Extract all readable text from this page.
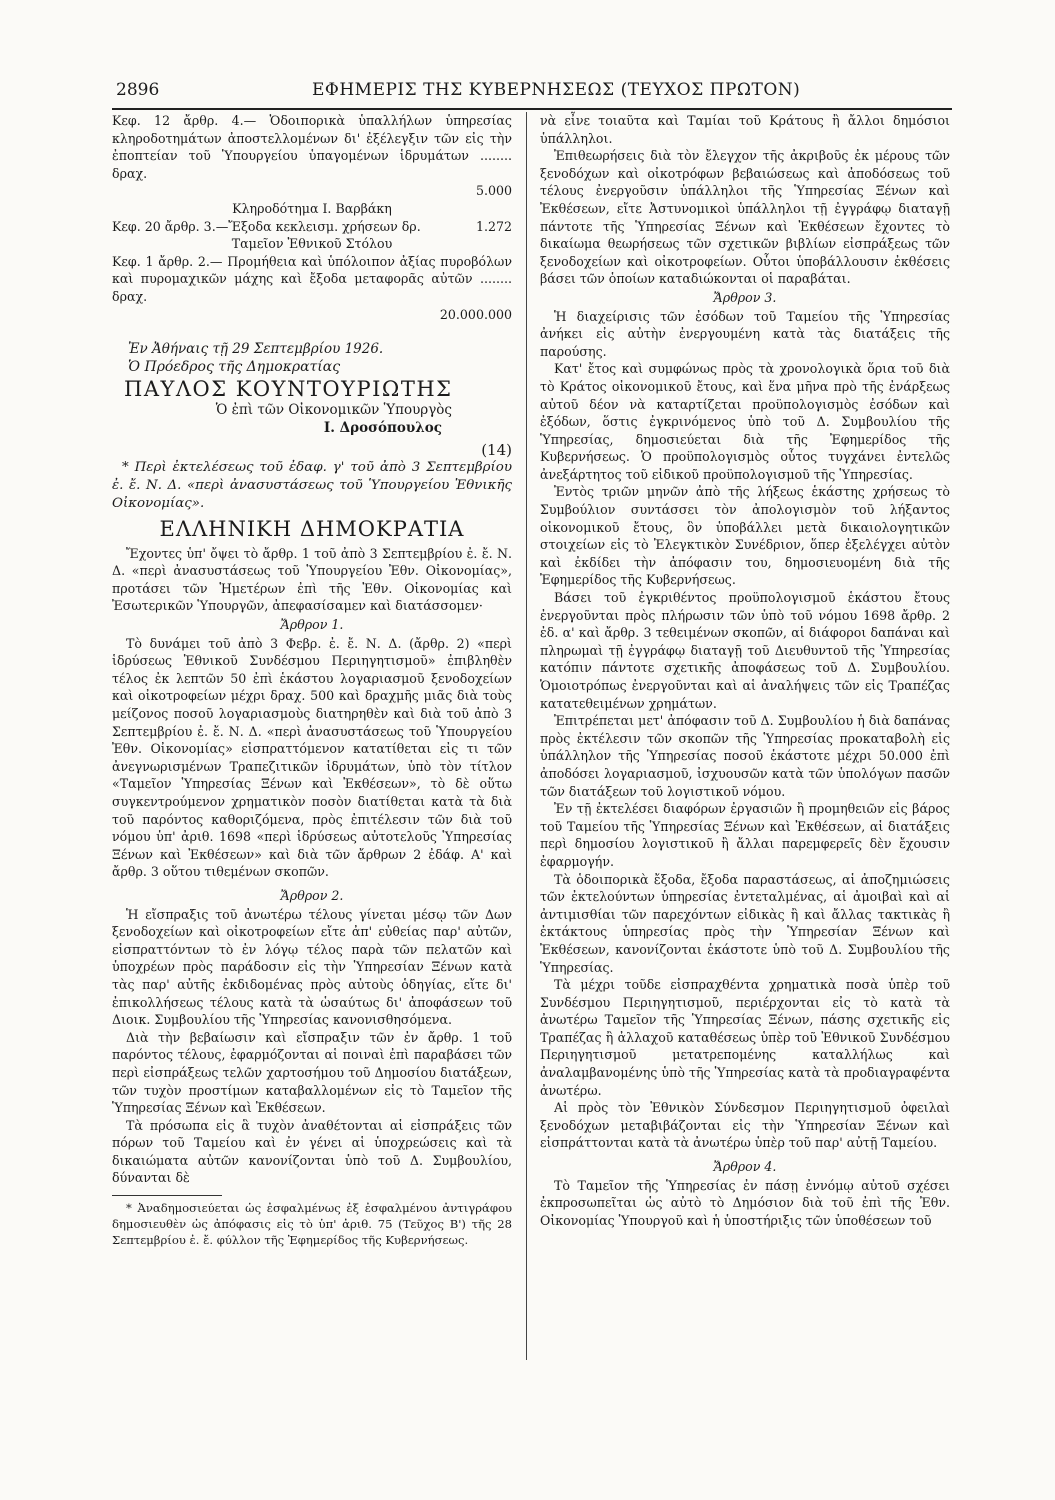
2896	ΕΦΗΜΕΡΙΣ ΤΗΣ ΚΥΒΕΡΝΗΣΕΩΣ (ΤΕΥΧΟΣ ΠΡΩΤΟΝ)
Κεφ. 12 ἄρθρ. 4.— Ὁδοιπορικὰ ὑπαλλήλων ὑπηρεσίας κληροδοτημάτων ἀποστελλομένων δι' ἐξέλεγξιν τῶν εἰς τὴν ἐποπτείαν τοῦ Ὑπουργείου ὑπαγομένων ἱδρυμάτων ........ δραχ.
5.000

Κληροδότημα Ι. Βαρβάκη

Κεφ. 20 ἄρθρ. 3.—Ἔξοδα κεκλεισμ. χρήσεων δρ.	1.272

Ταμεῖον Ἐθνικοῦ Στόλου

Κεφ. 1 ἄρθρ. 2.— Προμήθεια καὶ ὑπόλοιπον ἀξίας πυροβόλων καὶ πυρομαχικῶν μάχης καὶ ἔξοδα μεταφορᾶς αὐτῶν ........ δραχ.
20.000.000

Ἐν Ἀθήναις τῇ 29 Σεπτεμβρίου 1926.

Ὁ Πρόεδρος τῆς Δημοκρατίας

ΠΑΥΛΟΣ ΚΟΥΝΤΟΥΡΙΩΤΗΣ

Ὁ ἐπὶ τῶν Οἰκονομικῶν Ὑπουργὸς

Ι. Δροσόπουλος

(14)

* Περὶ ἐκτελέσεως τοῦ ἐδαφ. γ' τοῦ ἀπὸ 3 Σεπτεμβρίου ἐ. ἔ. Ν. Δ. «περὶ ἀνασυστάσεως τοῦ Ὑπουργείου Ἐθνικῆς Οἰκονομίας».

ΕΛΛΗΝΙΚΗ ΔΗΜΟΚΡΑΤΙΑ

Ἔχοντες ὑπ' ὄψει τὸ ἄρθρ. 1 τοῦ ἀπὸ 3 Σεπτεμβρίου ἐ. ἔ. Ν. Δ. «περὶ ἀνασυστάσεως τοῦ Ὑπουργείου Ἐθν. Οἰκονομίας», προτάσει τῶν Ἡμετέρων ἐπὶ τῆς Ἐθν. Οἰκονομίας καὶ Ἐσωτερικῶν Ὑπουργῶν, ἀπεφασίσαμεν καὶ διατάσσομεν·

Ἄρθρον 1.

Τὸ δυνάμει τοῦ ἀπὸ 3 Φεβρ. ἐ. ἔ. Ν. Δ. (ἄρθρ. 2) «περὶ ἱδρύσεως Ἐθνικοῦ Συνδέσμου Περιηγητισμοῦ» ἐπιβληθὲν τέλος ἐκ λεπτῶν 50 ἐπὶ ἑκάστου λογαριασμοῦ ξενοδοχείων καὶ οἰκοτροφείων μέχρι δραχ. 500 καὶ δραχμῆς μιᾶς διὰ τοὺς μείζονος ποσοῦ λογαριασμοὺς διατηρηθὲν καὶ διὰ τοῦ ἀπὸ 3 Σεπτεμβρίου ἐ. ἔ. Ν. Δ. «περὶ ἀνασυστάσεως τοῦ Ὑπουργείου Ἐθν. Οἰκονομίας» εἰσπραττόμενον κατατίθεται εἰς τι τῶν ἀνεγνωρισμένων Τραπεζιτικῶν ἱδρυμάτων, ὑπὸ τὸν τίτλον «Ταμεῖον Ὑπηρεσίας Ξένων καὶ Ἐκθέσεων», τὸ δὲ οὕτω συγκεντρούμενον χρηματικὸν ποσὸν διατίθεται κατὰ τὰ διὰ τοῦ παρόντος καθοριζόμενα, πρὸς ἐπιτέλεσιν τῶν διὰ τοῦ νόμου ὑπ' ἀριθ. 1698 «περὶ ἱδρύσεως αὐτοτελοῦς Ὑπηρεσίας Ξένων καὶ Ἐκθέσεων» καὶ διὰ τῶν ἄρθρων 2 ἐδάφ. Α' καὶ ἄρθρ. 3 οὕτου τιθεμένων σκοπῶν.

Ἄρθρον 2.

Ἡ εἴσπραξις τοῦ ἀνωτέρω τέλους γίνεται μέσῳ τῶν Δων ξενοδοχείων καὶ οἰκοτροφείων εἴτε ἀπ' εὐθείας παρ' αὐτῶν, εἰσπραττόντων τὸ ἐν λόγῳ τέλος παρὰ τῶν πελατῶν καὶ ὑποχρέων πρὸς παράδοσιν εἰς τὴν Ὑπηρεσίαν Ξένων κατὰ τὰς παρ' αὐτῆς ἐκδιδομένας πρὸς αὐτοὺς ὁδηγίας, εἴτε δι' ἐπικολλήσεως τέλους κατὰ τὰ ὡσαύτως δι' ἀποφάσεων τοῦ Διοικ. Συμβουλίου τῆς Ὑπηρεσίας κανονισθησόμενα.

Διὰ τὴν βεβαίωσιν καὶ εἴσπραξιν τῶν ἐν ἄρθρ. 1 τοῦ παρόντος τέλους, ἐφαρμόζονται αἱ ποιναὶ ἐπὶ παραβάσει τῶν περὶ εἰσπράξεως τελῶν χαρτοσήμου τοῦ Δημοσίου διατάξεων, τῶν τυχὸν προστίμων καταβαλλομένων εἰς τὸ Ταμεῖον τῆς Ὑπηρεσίας Ξένων καὶ Ἐκθέσεων.

Τὰ πρόσωπα εἰς ἃ τυχὸν ἀναθέτονται αἱ εἰσπράξεις τῶν πόρων τοῦ Ταμείου καὶ ἐν γένει αἱ ὑποχρεώσεις καὶ τὰ δικαιώματα αὐτῶν κανονίζονται ὑπὸ τοῦ Δ. Συμβουλίου, δύνανται δὲ

* Ἀναδημοσιεύεται ὡς ἐσφαλμένως ἐξ ἐσφαλμένου ἀντιγράφου δημοσιευθὲν ὡς ἀπόφασις εἰς τὸ ὑπ' ἀριθ. 75 (Τεῦχος Β') τῆς 28 Σεπτεμβρίου ἐ. ἔ. φύλλον τῆς Ἐφημερίδος τῆς Κυβερνήσεως.

νὰ εἶνε τοιαῦτα καὶ Ταμίαι τοῦ Κράτους ἢ ἄλλοι δημόσιοι ὑπάλληλοι.

Ἐπιθεωρήσεις διὰ τὸν ἔλεγχον τῆς ἀκριβοῦς ἐκ μέρους τῶν ξενοδόχων καὶ οἰκοτρόφων βεβαιώσεως καὶ ἀποδόσεως τοῦ τέλους ἐνεργοῦσιν ὑπάλληλοι τῆς Ὑπηρεσίας Ξένων καὶ Ἐκθέσεων, εἴτε Ἀστυνομικοὶ ὑπάλληλοι τῇ ἐγγράφῳ διαταγῇ πάντοτε τῆς Ὑπηρεσίας Ξένων καὶ Ἐκθέσεων ἔχοντες τὸ δικαίωμα θεωρήσεως τῶν σχετικῶν βιβλίων εἰσπράξεως τῶν ξενοδοχείων καὶ οἰκοτροφείων. Οὗτοι ὑποβάλλουσιν ἐκθέσεις βάσει τῶν ὁποίων καταδιώκονται οἱ παραβάται.

Ἄρθρον 3.

Ἡ διαχείρισις τῶν ἐσόδων τοῦ Ταμείου τῆς Ὑπηρεσίας ἀνήκει εἰς αὐτὴν ἐνεργουμένη κατὰ τὰς διατάξεις τῆς παρούσης.

Κατ' ἔτος καὶ συμφώνως πρὸς τὰ χρονολογικὰ ὅρια τοῦ διὰ τὸ Κράτος οἰκονομικοῦ ἔτους, καὶ ἕνα μῆνα πρὸ τῆς ἐνάρξεως αὐτοῦ δέον νὰ καταρτίζεται προϋπολογισμὸς ἐσόδων καὶ ἐξόδων, ὅστις ἐγκρινόμενος ὑπὸ τοῦ Δ. Συμβουλίου τῆς Ὑπηρεσίας, δημοσιεύεται διὰ τῆς Ἐφημερίδος τῆς Κυβερνήσεως. Ὁ προϋπολογισμὸς οὗτος τυγχάνει ἐντελῶς ἀνεξάρτητος τοῦ εἰδικοῦ προϋπολογισμοῦ τῆς Ὑπηρεσίας.

Ἐντὸς τριῶν μηνῶν ἀπὸ τῆς λήξεως ἑκάστης χρήσεως τὸ Συμβούλιον συντάσσει τὸν ἀπολογισμὸν τοῦ λήξαντος οἰκονομικοῦ ἔτους, ὃν ὑποβάλλει μετὰ δικαιολογητικῶν στοιχείων εἰς τὸ Ἐλεγκτικὸν Συνέδριον, ὅπερ ἐξελέγχει αὐτὸν καὶ ἐκδίδει τὴν ἀπόφασιν του, δημοσιευομένη διὰ τῆς Ἐφημερίδος τῆς Κυβερνήσεως.

Βάσει τοῦ ἐγκριθέντος προϋπολογισμοῦ ἑκάστου ἔτους ἐνεργοῦνται πρὸς πλήρωσιν τῶν ὑπὸ τοῦ νόμου 1698 ἄρθρ. 2 ἐδ. α' καὶ ἄρθρ. 3 τεθειμένων σκοπῶν, αἱ διάφοροι δαπάναι καὶ πληρωμαὶ τῇ ἐγγράφῳ διαταγῇ τοῦ Διευθυντοῦ τῆς Ὑπηρεσίας κατόπιν πάντοτε σχετικῆς ἀποφάσεως τοῦ Δ. Συμβουλίου. Ὁμοιοτρόπως ἐνεργοῦνται καὶ αἱ ἀναλήψεις τῶν εἰς Τραπέζας κατατεθειμένων χρημάτων.

Ἐπιτρέπεται μετ' ἀπόφασιν τοῦ Δ. Συμβουλίου ἡ διὰ δαπάνας πρὸς ἐκτέλεσιν τῶν σκοπῶν τῆς Ὑπηρεσίας προκαταβολὴ εἰς ὑπάλληλον τῆς Ὑπηρεσίας ποσοῦ ἑκάστοτε μέχρι 50.000 ἐπὶ ἀποδόσει λογαριασμοῦ, ἰσχυουσῶν κατὰ τῶν ὑπολόγων πασῶν τῶν διατάξεων τοῦ λογιστικοῦ νόμου.

Ἐν τῇ ἐκτελέσει διαφόρων ἐργασιῶν ἢ προμηθειῶν εἰς βάρος τοῦ Ταμείου τῆς Ὑπηρεσίας Ξένων καὶ Ἐκθέσεων, αἱ διατάξεις περὶ δημοσίου λογιστικοῦ ἢ ἄλλαι παρεμφερεῖς δὲν ἔχουσιν ἐφαρμογήν.

Τὰ ὁδοιπορικὰ ἔξοδα, ἔξοδα παραστάσεως, αἱ ἀποζημιώσεις τῶν ἐκτελούντων ὑπηρεσίας ἐντεταλμένας, αἱ ἀμοιβαὶ καὶ αἱ ἀντιμισθίαι τῶν παρεχόντων εἰδικὰς ἢ καὶ ἄλλας τακτικὰς ἢ ἐκτάκτους ὑπηρεσίας πρὸς τὴν Ὑπηρεσίαν Ξένων καὶ Ἐκθέσεων, κανονίζονται ἑκάστοτε ὑπὸ τοῦ Δ. Συμβουλίου τῆς Ὑπηρεσίας.

Τὰ μέχρι τοῦδε εἰσπραχθέντα χρηματικὰ ποσὰ ὑπὲρ τοῦ Συνδέσμου Περιηγητισμοῦ, περιέρχονται εἰς τὸ κατὰ τὰ ἀνωτέρω Ταμεῖον τῆς Ὑπηρεσίας Ξένων, πάσης σχετικῆς εἰς Τραπέζας ἢ ἀλλαχοῦ καταθέσεως ὑπὲρ τοῦ Ἐθνικοῦ Συνδέσμου Περιηγητισμοῦ μετατρεπομένης καταλλήλως καὶ ἀναλαμβανομένης ὑπὸ τῆς Ὑπηρεσίας κατὰ τὰ προδιαγραφέντα ἀνωτέρω.

Αἱ πρὸς τὸν Ἐθνικὸν Σύνδεσμον Περιηγητισμοῦ ὀφειλαὶ ξενοδόχων μεταβιβάζονται εἰς τὴν Ὑπηρεσίαν Ξένων καὶ εἰσπράττονται κατὰ τὰ ἀνωτέρω ὑπὲρ τοῦ παρ' αὐτῇ Ταμείου.

Ἄρθρον 4.

Τὸ Ταμεῖον τῆς Ὑπηρεσίας ἐν πάσῃ ἐννόμῳ αὐτοῦ σχέσει ἐκπροσωπεῖται ὡς αὐτὸ τὸ Δημόσιον διὰ τοῦ ἐπὶ τῆς Ἐθν. Οἰκονομίας Ὑπουργοῦ καὶ ἡ ὑποστήριξις τῶν ὑποθέσεων τοῦ
